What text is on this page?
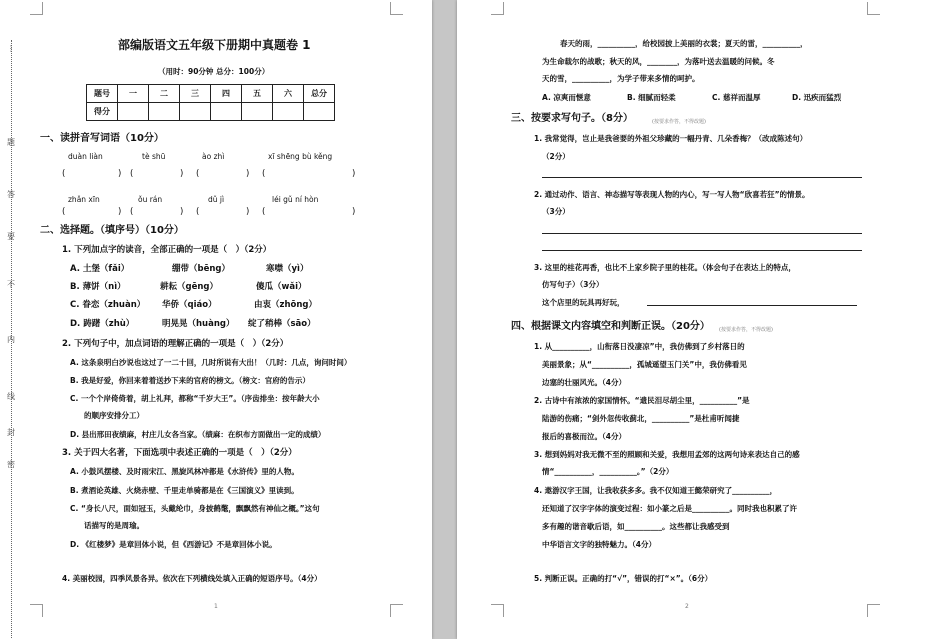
⋮
题
答
要
不
内
线
封
密
部编版语文五年级下册期中真题卷 1
（用时：90分钟 总分：100分）
题号	一	二	三	四	五	六	总分
得分							
一、读拼音写词语（10分）
duàn liàn	tè shū	ào zhì	xī shēng bù kěng
(	) (	) (	) (	)
zhǎn xīn	ǒu rán	dǔ jì	léi gǔ ní hòn
(	) (	) (	) (	)
二、选择题。（填序号）（10分）
1. 下列加点字的读音，全部正确的一项是（　）（2分）
A. 土堡（fǎi）	绷带（bēng）	寒噤（yì）
B. 薄饼（nì）	耕耘（gēng）	傻瓜（wǎi）
C. 眷恋（zhuàn） 华侨（qiáo）	由衷（zhōng）
D. 踌躇（zhù）	明晃晃（huàng） 绽了稍棒（sāo）
2. 下列句子中，加点词语的理解正确的一项是（　）（2分）
A. 这条泉明白沙说也这过了一二十回，几时所说有大出！（几时：几点，询问时间）
B. 我是好爱，你回来着着送抄下来的官府的榜文。（榜文：官府的告示）
C. 一个个岸倚倚着，胡上礼拜，都称“千岁大王”。（序齿排坐：按年龄大小
的顺序安排分工）
D. 县出邢田夜绩麻，村庄儿女各当家。（绩麻：在织布方面做出一定的成绩）
3. 关于四大名著，下面选项中表述正确的一项是（　）（2分）
A. 小鼓风摆楼、及时雨宋江、黑旋风林冲都是《水浒传》里的人物。
B. 煮酒论英雄、火烧赤壁、千里走单骑都是在《三国演义》里读到。
C. “身长八尺，面如冠玉，头戴纶巾，身披鹤氅，飘飘然有神仙之概。”这句
话描写的是周瑜。
D. 《红楼梦》是章回体小说，但《西游记》不是章回体小说。
4. 美丽校园，四季风景各异。依次在下列横线处填入正确的短语序号。（4分）
1
春天的雨，__________，给校园披上美丽的衣裳；夏天的雷，__________，
为生命载尔的战歌；秋天的风，________，为落叶送去温暖的问候。冬
天的雪，__________，为学子带来多情的呵护。
A. 凉爽而惬意	B. 细腻而轻柔	C. 慈祥而温厚	D. 迅疾而猛烈
三、按要求写句子。（8分）	(按要求作答，不得改题)
1. 我常觉得，岂止是我爸要的外祖父珍藏的一幅丹青、几朵香梅？（改成陈述句）
（2分）
2. 通过动作、语言、神态描写等表现人物的内心，写一写人物“欣喜若狂”的情景。
（3分）
3. 这里的桂花再香，也比不上家乡院子里的桂花。（体会句子在表达上的特点，
仿写句子）（3分）
这个店里的玩具再好玩，
四、根据课文内容填空和判断正误。（20分） (按要求作答，不得改题)
1. 从__________，山衔落日没凄凉”中，我仿佛到了乡村落日的
美丽景象；从“__________，孤城遥望玉门关”中，我仿佛看见
边塞的壮丽风光。（4分）
2. 古诗中有浓浓的家国情怀。“遗民泪尽胡尘里，__________”是
陆游的伤痛；“剑外忽传收蓟北，__________”是杜甫听闻捷
报后的喜极而泣。（4分）
3. 想到妈妈对我无微不至的照顾和关爱，我想用孟郊的这两句诗来表达自己的感
情“__________，__________。”（2分）
4. 遨游汉字王国，让我收获多多。我不仅知道王懿荣研究了__________，
还知道了汉字字体的演变过程：如小篆之后是__________。同时我也积累了许
多有趣的谐音歇后语，如__________。这些都让我感受到
中华语言文字的独特魅力。（4分）
5. 判断正误。正确的打“√”，错误的打“×”。（6分）
2
